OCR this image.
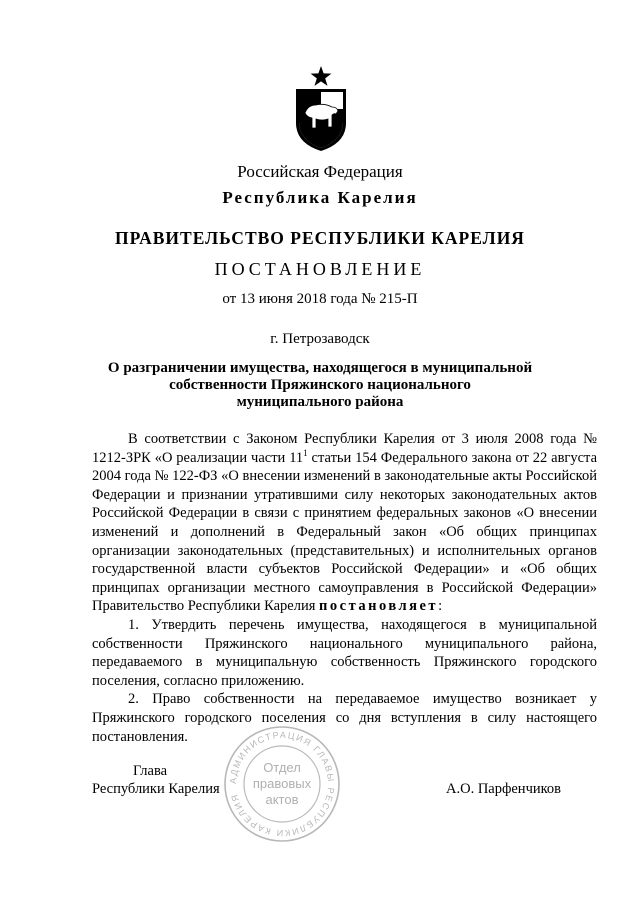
Российская Федерация
Республика Карелия
ПРАВИТЕЛЬСТВО РЕСПУБЛИКИ КАРЕЛИЯ
ПОСТАНОВЛЕНИЕ
от 13 июня 2018 года № 215-П
г. Петрозаводск
О разграничении имущества, находящегося в муниципальной
собственности Пряжинского национального
муниципального района

В соответствии с Законом Республики Карелия от 3 июля 2008 года № 1212-ЗРК «О реализации части $11^1$ статьи 154 Федерального закона от 22 августа 2004 года № 122-ФЗ «О внесении изменений в законодательные акты Российской Федерации и признании утратившими силу некоторых законодательных актов Российской Федерации в связи с принятием федеральных законов «О внесении изменений и дополнений в Федеральный закон «Об общих принципах организации законодательных (представительных) и исполнительных органов государственной власти субъектов Российской Федерации» и «Об общих принципах организации местного самоуправления в Российской Федерации» Правительство Республики Карелия постановляет:

1. Утвердить перечень имущества, находящегося в муниципальной собственности Пряжинского национального муниципального района, передаваемого в муниципальную собственность Пряжинского городского поселения, согласно приложению.

2. Право собственности на передаваемое имущество возникает у Пряжинского городского поселения со дня вступления в силу настоящего постановления.

АДМИНИСТРАЦИЯ ГЛАВЫ РЕСПУБЛИКИ КАРЕЛИЯ
Отдел
правовых
актов
Глава
Республики Карелия	А.О. Парфенчиков
